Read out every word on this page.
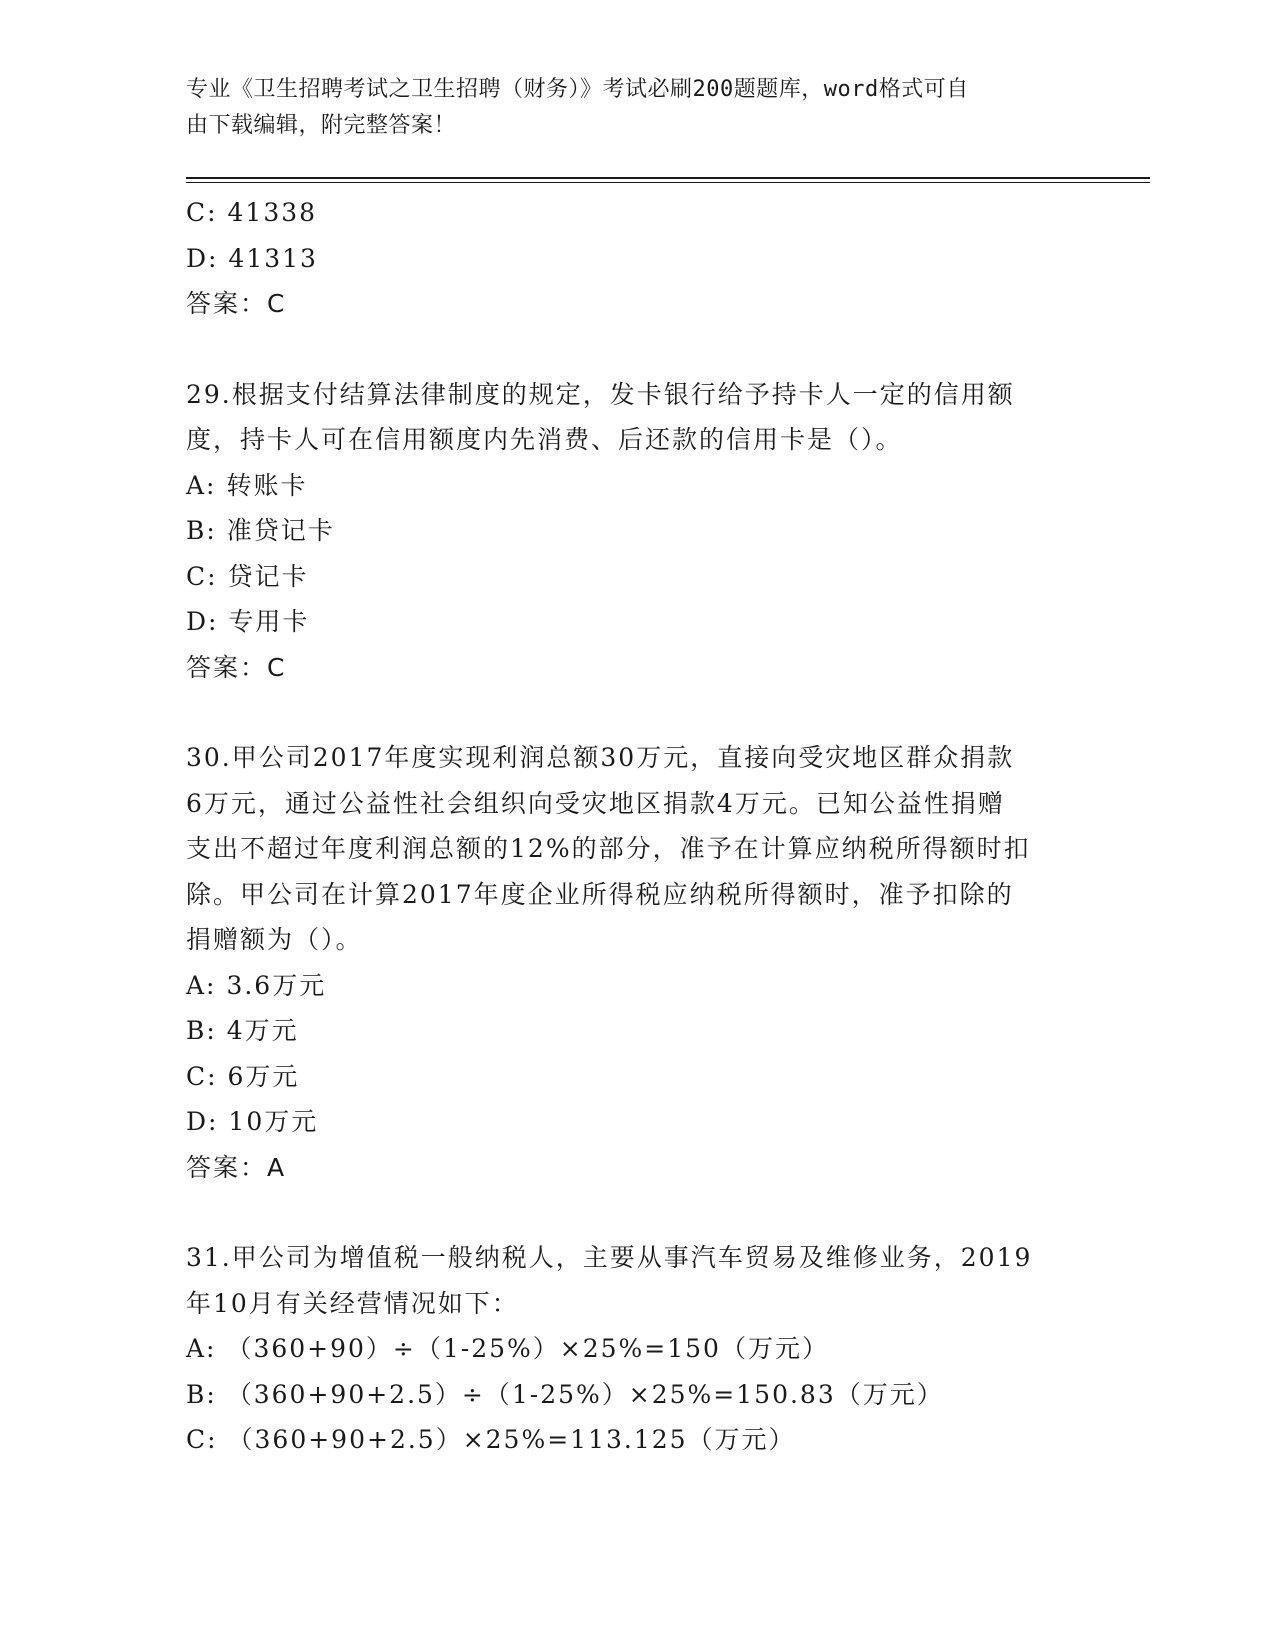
专业《卫生招聘考试之卫生招聘（财务）》考试必刷200题题库，word格式可自
由下载编辑，附完整答案！
C: 41338
D: 41313
答案：C
29.根据支付结算法律制度的规定，发卡银行给予持卡人一定的信用额
度，持卡人可在信用额度内先消费、后还款的信用卡是（）。
A: 转账卡
B: 准贷记卡
C: 贷记卡
D: 专用卡
答案：C
30.甲公司2017年度实现利润总额30万元，直接向受灾地区群众捐款
6万元，通过公益性社会组织向受灾地区捐款4万元。已知公益性捐赠
支出不超过年度利润总额的12%的部分，准予在计算应纳税所得额时扣
除。甲公司在计算2017年度企业所得税应纳税所得额时，准予扣除的
捐赠额为（）。
A: 3.6万元
B: 4万元
C: 6万元
D: 10万元
答案：A
31.甲公司为增值税一般纳税人，主要从事汽车贸易及维修业务，2019
年10月有关经营情况如下：
A: （360+90）÷（1-25%）×25%=150（万元）
B: （360+90+2.5）÷（1-25%）×25%=150.83（万元）
C: （360+90+2.5）×25%=113.125（万元）
